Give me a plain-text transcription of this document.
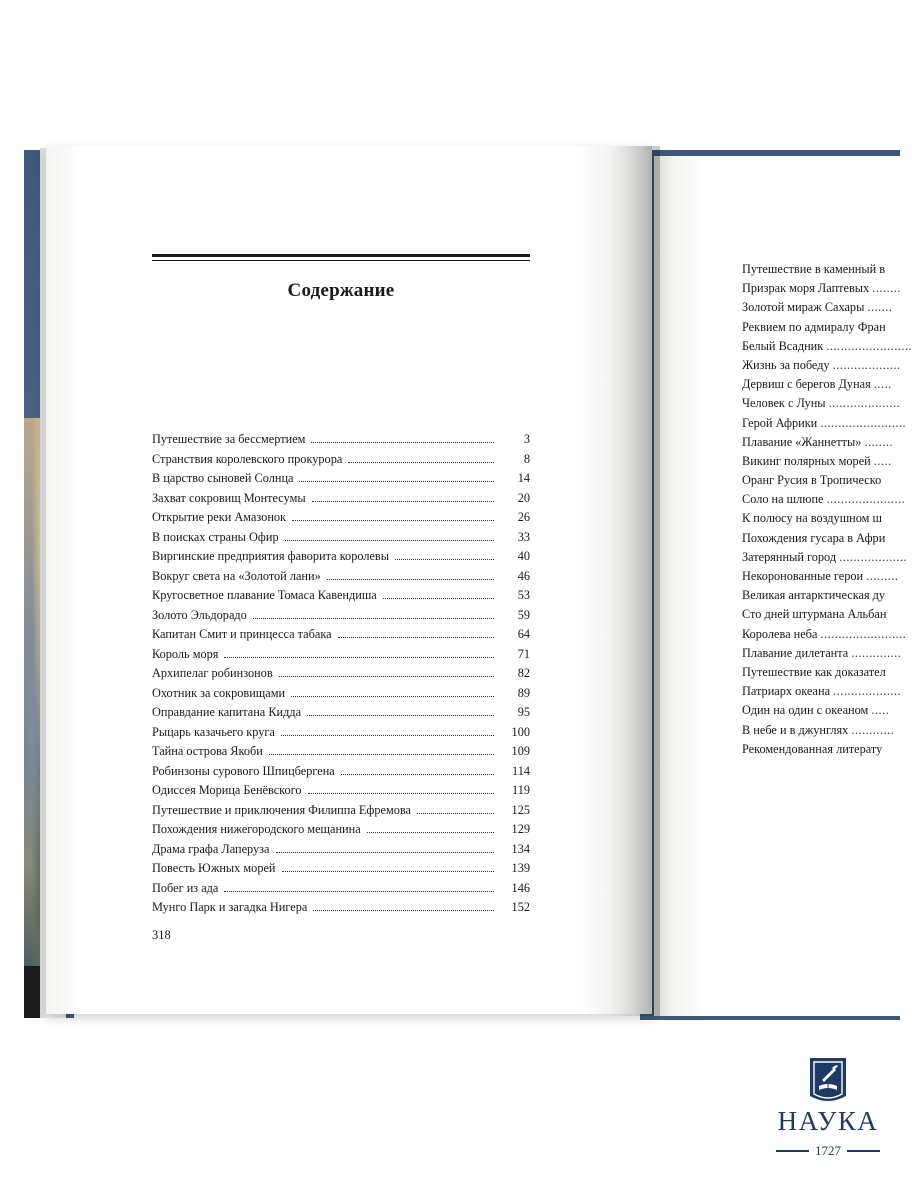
Содержание
Путешествие за бессмертием	3
Странствия королевского прокурора	8
В царство сыновей Солнца	14
Захват сокровищ Монтесумы	20
Открытие реки Амазонок	26
В поисках страны Офир	33
Виргинские предприятия фаворита королевы	40
Вокруг света на «Золотой лани»	46
Кругосветное плавание Томаса Кавендиша	53
Золото Эльдорадо	59
Капитан Смит и принцесса табака	64
Король моря	71
Архипелаг робинзонов	82
Охотник за сокровищами	89
Оправдание капитана Кидда	95
Рыцарь казачьего круга	100
Тайна острова Якоби	109
Робинзоны сурового Шпицбергена	114
Одиссея Морица Бенёвского	119
Путешествие и приключения Филиппа Ефремова	125
Похождения нижегородского мещанина	129
Драма графа Лаперуза	134
Повесть Южных морей	139
Побег из ада	146
Мунго Парк и загадка Нигера	152
318
Путешествие в каменный в
Призрак моря Лаптевых ........
Золотой мираж Сахары .......
Реквием по адмиралу Фран
Белый Всадник ........................
Жизнь за победу ...................
Дервиш с берегов Дуная .....
Человек с Луны ....................
Герой Африки ........................
Плавание «Жаннетты» ........
Викинг полярных морей .....
Оранг Русия в Тропическо
Соло на шлюпе ......................
К полюсу на воздушном ш
Похождения гусара в Афри
Затерянный город ...................
Некоронованные герои .........
Великая антарктическая ду
Сто дней штурмана Альбан
Королева неба ........................
Плавание дилетанта ..............
Путешествие как доказател
Патриарх океана ...................
Один на один с океаном .....
В небе и в джунглях ............
Рекомендованная литерату
НАУКА
1727
